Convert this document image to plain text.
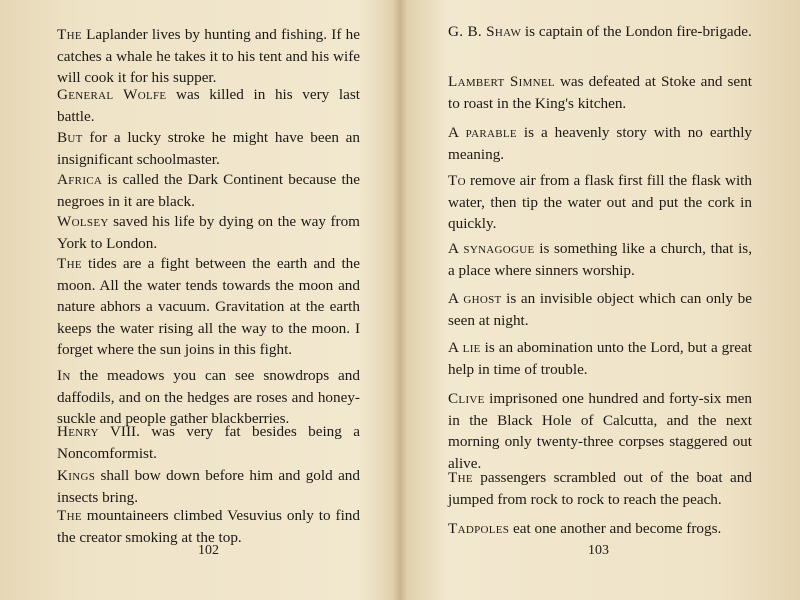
The Laplander lives by hunting and fishing. If he catches a whale he takes it to his tent and his wife will cook it for his supper.

General Wolfe was killed in his very last battle.

But for a lucky stroke he might have been an insignificant schoolmaster.

Africa is called the Dark Continent because the negroes in it are black.

Wolsey saved his life by dying on the way from York to London.

The tides are a fight between the earth and the moon. All the water tends towards the moon and nature abhors a vacuum. Gravitation at the earth keeps the water rising all the way to the moon. I forget where the sun joins in this fight.

In the meadows you can see snowdrops and daffodils, and on the hedges are roses and honey-suckle and people gather blackberries.

Henry VIII. was very fat besides being a Noncomformist.

Kings shall bow down before him and gold and insects bring.

The mountaineers climbed Vesuvius only to find the creator smoking at the top.

102

G. B. Shaw is captain of the London fire-brigade.

Lambert Simnel was defeated at Stoke and sent to roast in the King's kitchen.

A parable is a heavenly story with no earthly meaning.

To remove air from a flask first fill the flask with water, then tip the water out and put the cork in quickly.

A synagogue is something like a church, that is, a place where sinners worship.

A ghost is an invisible object which can only be seen at night.

A lie is an abomination unto the Lord, but a great help in time of trouble.

Clive imprisoned one hundred and forty-six men in the Black Hole of Calcutta, and the next morning only twenty-three corpses staggered out alive.

The passengers scrambled out of the boat and jumped from rock to rock to reach the peach.

Tadpoles eat one another and become frogs.

103
